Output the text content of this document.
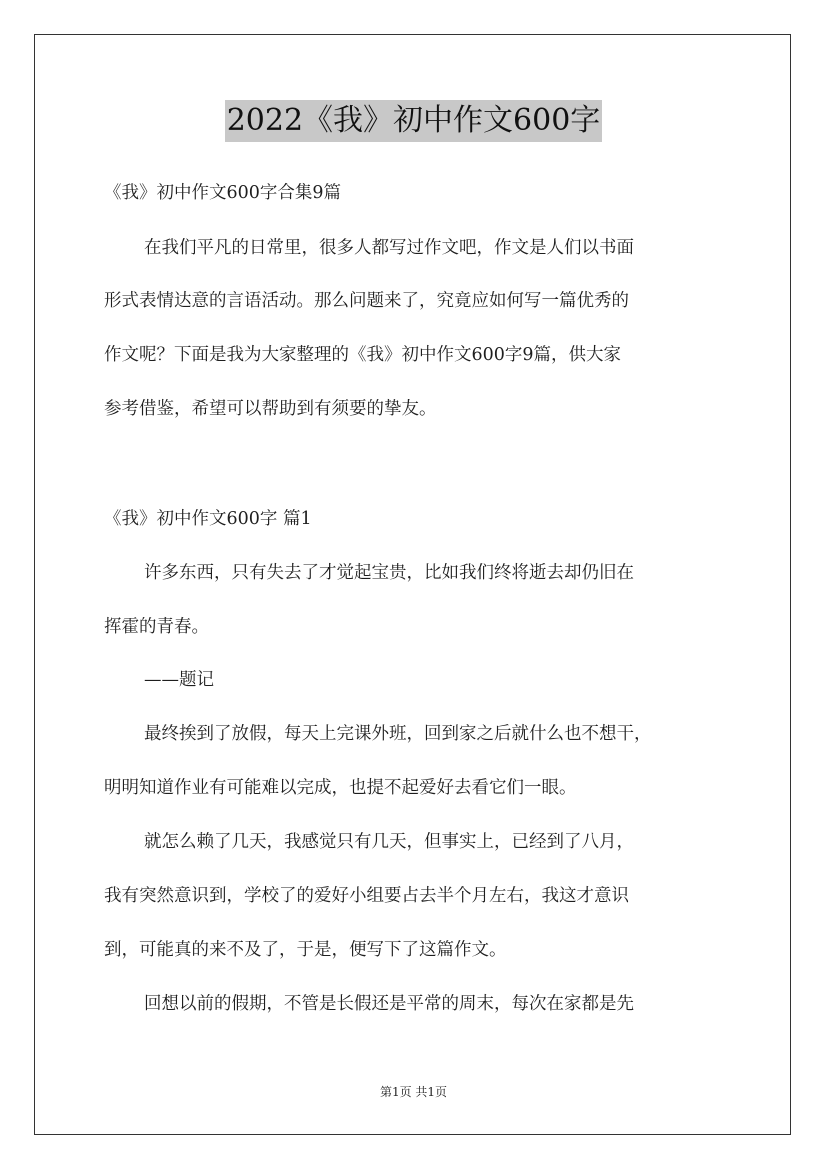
2022《我》初中作文600字
《我》初中作文600字合集9篇
在我们平凡的日常里，很多人都写过作文吧，作文是人们以书面
形式表情达意的言语活动。那么问题来了，究竟应如何写一篇优秀的
作文呢？下面是我为大家整理的《我》初中作文600字9篇，供大家
参考借鉴，希望可以帮助到有须要的挚友。
《我》初中作文600字 篇1
许多东西，只有失去了才觉起宝贵，比如我们终将逝去却仍旧在
挥霍的青春。
——题记
最终挨到了放假，每天上完课外班，回到家之后就什么也不想干，
明明知道作业有可能难以完成，也提不起爱好去看它们一眼。
就怎么赖了几天，我感觉只有几天，但事实上，已经到了八月，
我有突然意识到，学校了的爱好小组要占去半个月左右，我这才意识
到，可能真的来不及了，于是，便写下了这篇作文。
回想以前的假期，不管是长假还是平常的周末，每次在家都是先
第1页 共1页
